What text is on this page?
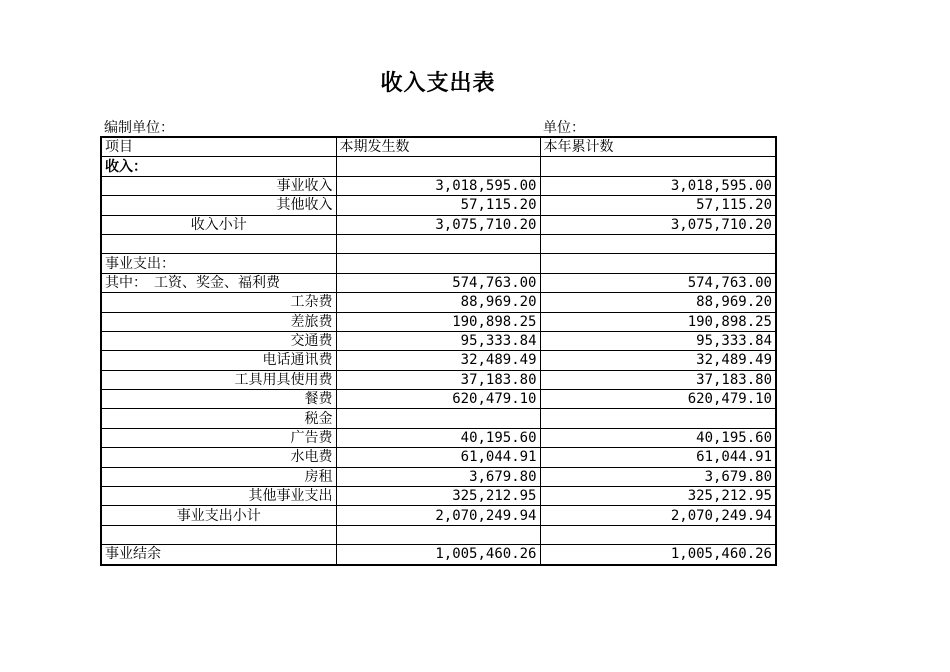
收入支出表
编制单位：	单位：
项目	本期发生数	本年累计数
收入：		
事业收入	3,018,595.00	3,018,595.00
其他收入	57,115.20	57,115.20
收入小计	3,075,710.20	3,075,710.20

事业支出：		
其中：　工资、奖金、福利费	574,763.00	574,763.00
工杂费	88,969.20	88,969.20
差旅费	190,898.25	190,898.25
交通费	95,333.84	95,333.84
电话通讯费	32,489.49	32,489.49
工具用具使用费	37,183.80	37,183.80
餐费	620,479.10	620,479.10
税金		
广告费	40,195.60	40,195.60
水电费	61,044.91	61,044.91
房租	3,679.80	3,679.80
其他事业支出	325,212.95	325,212.95
事业支出小计	2,070,249.94	2,070,249.94

事业结余	1,005,460.26	1,005,460.26
